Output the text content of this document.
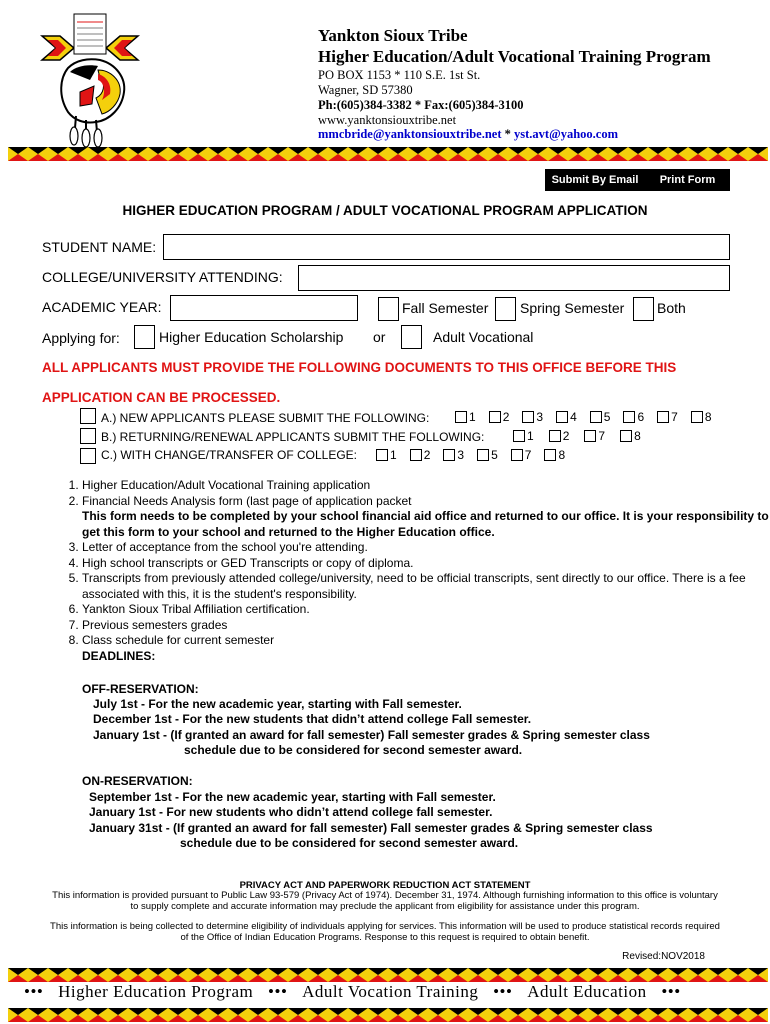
Yankton Sioux Tribe
Higher Education/Adult Vocational Training Program
PO BOX 1153 * 110 S.E. 1st St.
Wagner, SD 57380
Ph:(605)384-3382 * Fax:(605)384-3100
www.yanktonsiouxtribe.net
mmcbride@yanktonsiouxtribe.net * yst.avt@yahoo.com
Submit By Email	Print Form
HIGHER EDUCATION PROGRAM / ADULT VOCATIONAL PROGRAM APPLICATION
STUDENT NAME:
COLLEGE/UNIVERSITY ATTENDING:
ACADEMIC YEAR:	Fall Semester Spring Semester Both
Applying for:	Higher Education Scholarship or	Adult Vocational
ALL APPLICANTS MUST PROVIDE THE FOLLOWING DOCUMENTS TO THIS OFFICE BEFORE THIS
APPLICATION CAN BE PROCESSED.
A.) NEW APPLICANTS PLEASE SUBMIT THE FOLLOWING:	1 2 3 4 5 6 7 8
B.) RETURNING/RENEWAL APPLICANTS SUBMIT THE FOLLOWING:	1 2 7 8
C.) WITH CHANGE/TRANSFER OF COLLEGE:	1 2 3 5 7 8
1. Higher Education/Adult Vocational Training application
2. Financial Needs Analysis form (last page of application packet
This form needs to be completed by your school financial aid office and returned to our office. It is your responsibility to get this form to your school and returned to the Higher Education office.
3. Letter of acceptance from the school you're attending.
4. High school transcripts or GED Transcripts or copy of diploma.
5. Transcripts from previously attended college/university, need to be official transcripts, sent directly to our office. There is a fee associated with this, it is the student's responsibility.
6. Yankton Sioux Tribal Affiliation certification.
7. Previous semesters grades
8. Class schedule for current semester
DEADLINES:
OFF-RESERVATION:
July 1st - For the new academic year, starting with Fall semester.
December 1st - For the new students that didn’t attend college Fall semester.
January 1st - (If granted an award for fall semester) Fall semester grades & Spring semester class
schedule due to be considered for second semester award.
ON-RESERVATION:
September 1st - For the new academic year, starting with Fall semester.
January 1st - For new students who didn’t attend college fall semester.
January 31st - (If granted an award for fall semester) Fall semester grades & Spring semester class
schedule due to be considered for second semester award.
PRIVACY ACT AND PAPERWORK REDUCTION ACT STATEMENT
This information is provided pursuant to Public Law 93-579 (Privacy Act of 1974). December 31, 1974. Although furnishing information to this office is voluntary to supply complete and accurate information may preclude the applicant from eligibility for assistance under this program.
This information is being collected to determine eligibility of individuals applying for services. This information will be used to produce statistical records required of the Office of Indian Education Programs. Response to this request is required to obtain benefit.
Revised:NOV2018
••• Higher Education Program ••• Adult Vocation Training ••• Adult Education •••
